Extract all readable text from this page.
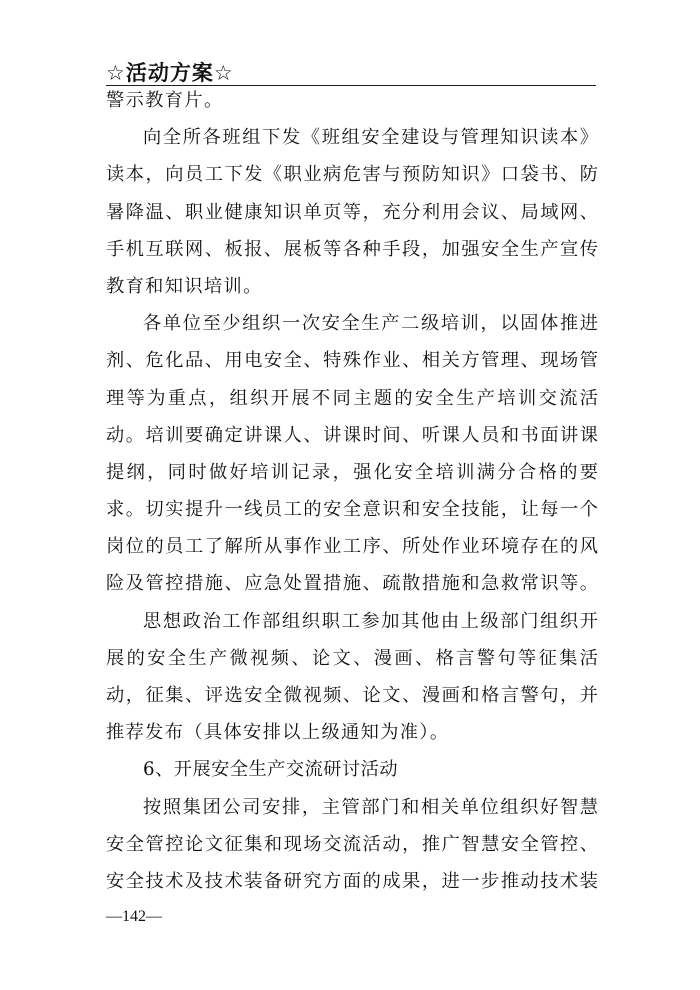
☆活动方案☆
警示教育片。
向全所各班组下发《班组安全建设与管理知识读本》
读本，向员工下发《职业病危害与预防知识》口袋书、防
暑降温、职业健康知识单页等，充分利用会议、局域网、
手机互联网、板报、展板等各种手段，加强安全生产宣传
教育和知识培训。
各单位至少组织一次安全生产二级培训，以固体推进
剂、危化品、用电安全、特殊作业、相关方管理、现场管
理等为重点，组织开展不同主题的安全生产培训交流活
动。培训要确定讲课人、讲课时间、听课人员和书面讲课
提纲，同时做好培训记录，强化安全培训满分合格的要
求。切实提升一线员工的安全意识和安全技能，让每一个
岗位的员工了解所从事作业工序、所处作业环境存在的风
险及管控措施、应急处置措施、疏散措施和急救常识等。
思想政治工作部组织职工参加其他由上级部门组织开
展的安全生产微视频、论文、漫画、格言警句等征集活
动，征集、评选安全微视频、论文、漫画和格言警句，并
推荐发布（具体安排以上级通知为准）。
6、开展安全生产交流研讨活动
按照集团公司安排，主管部门和相关单位组织好智慧
安全管控论文征集和现场交流活动，推广智慧安全管控、
安全技术及技术装备研究方面的成果，进一步推动技术装
—142—
